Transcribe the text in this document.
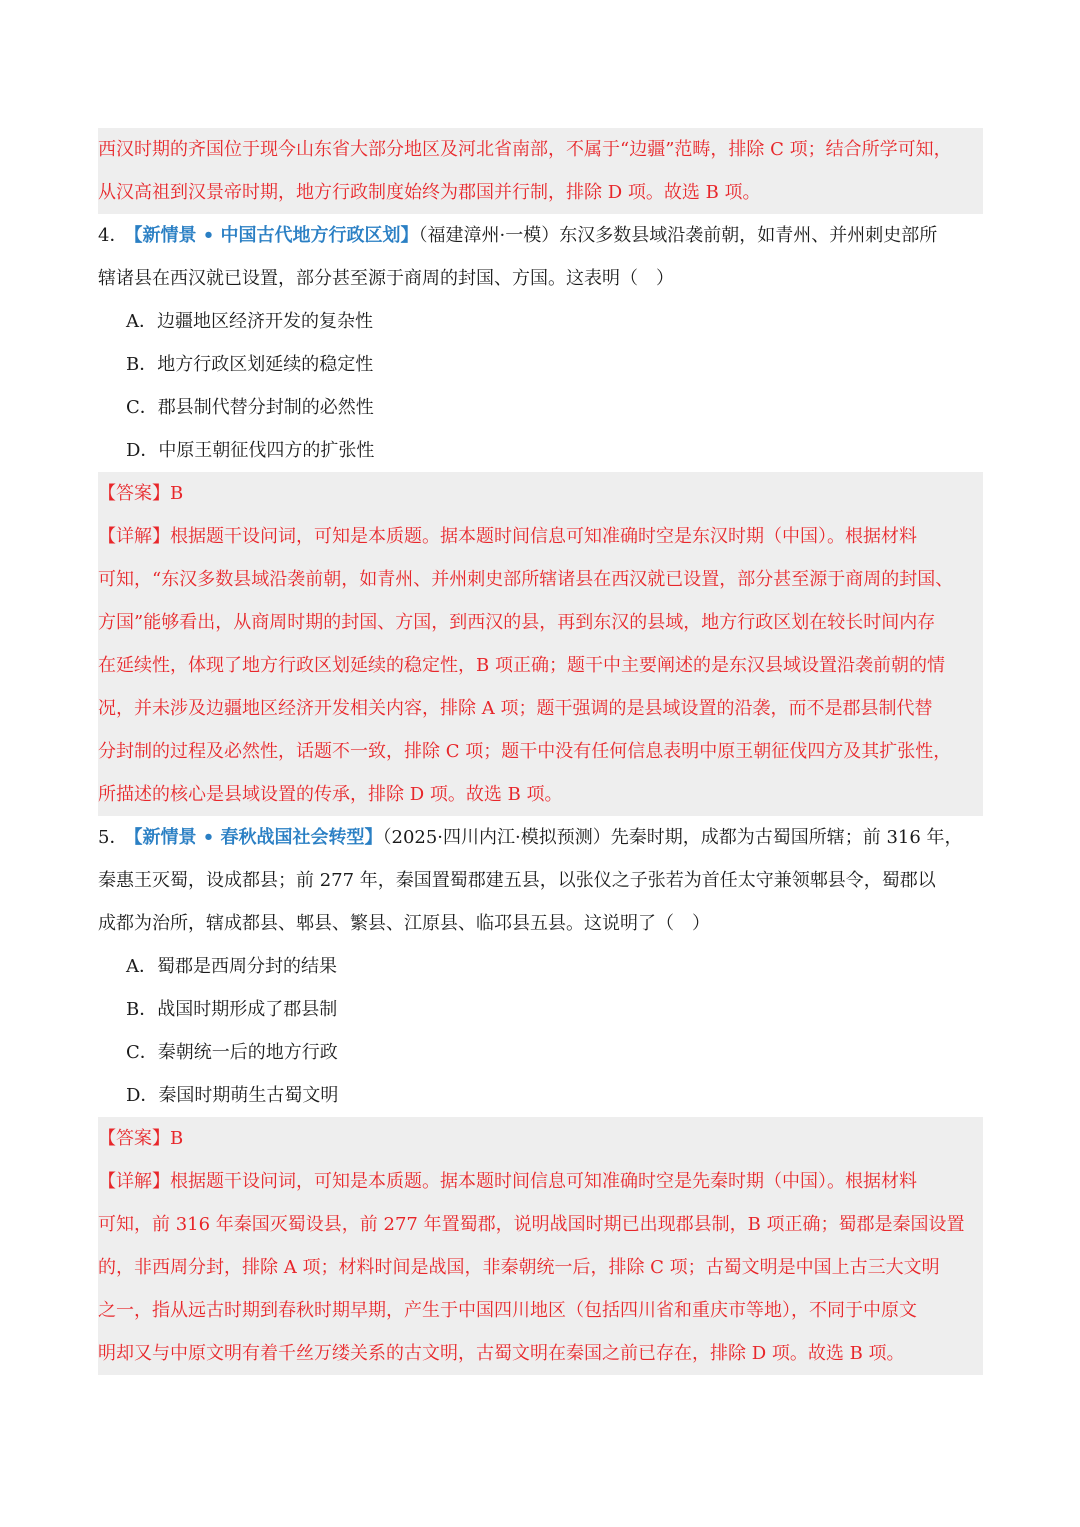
西汉时期的齐国位于现今山东省大部分地区及河北省南部，不属于“边疆”范畴，排除 C 项；结合所学可知，
从汉高祖到汉景帝时期，地方行政制度始终为郡国并行制，排除 D 项。故选 B 项。
4． 【新情景 • 中国古代地方行政区划】（福建漳州·一模）东汉多数县域沿袭前朝，如青州、并州刺史部所
辖诸县在西汉就已设置，部分甚至源于商周的封国、方国。这表明（　）
A．边疆地区经济开发的复杂性
B．地方行政区划延续的稳定性
C．郡县制代替分封制的必然性
D．中原王朝征伐四方的扩张性
【答案】B
【详解】根据题干设问词，可知是本质题。据本题时间信息可知准确时空是东汉时期（中国）。根据材料
可知，“东汉多数县域沿袭前朝，如青州、并州刺史部所辖诸县在西汉就已设置，部分甚至源于商周的封国、
方国”能够看出，从商周时期的封国、方国，到西汉的县，再到东汉的县域，地方行政区划在较长时间内存
在延续性，体现了地方行政区划延续的稳定性，B 项正确；题干中主要阐述的是东汉县域设置沿袭前朝的情
况，并未涉及边疆地区经济开发相关内容，排除 A 项；题干强调的是县域设置的沿袭，而不是郡县制代替
分封制的过程及必然性，话题不一致，排除 C 项；题干中没有任何信息表明中原王朝征伐四方及其扩张性，
所描述的核心是县域设置的传承，排除 D 项。故选 B 项。
5． 【新情景 • 春秋战国社会转型】（2025·四川内江·模拟预测）先秦时期，成都为古蜀国所辖；前 316 年，
秦惠王灭蜀，设成都县；前 277 年，秦国置蜀郡建五县，以张仪之子张若为首任太守兼领郫县令，蜀郡以
成都为治所，辖成都县、郫县、繁县、江原县、临邛县五县。这说明了（　）
A．蜀郡是西周分封的结果
B．战国时期形成了郡县制
C．秦朝统一后的地方行政
D．秦国时期萌生古蜀文明
【答案】B
【详解】根据题干设问词，可知是本质题。据本题时间信息可知准确时空是先秦时期（中国）。根据材料
可知，前 316 年秦国灭蜀设县，前 277 年置蜀郡，说明战国时期已出现郡县制，B 项正确；蜀郡是秦国设置
的，非西周分封，排除 A 项；材料时间是战国，非秦朝统一后，排除 C 项；古蜀文明是中国上古三大文明
之一，指从远古时期到春秋时期早期，产生于中国四川地区（包括四川省和重庆市等地），不同于中原文
明却又与中原文明有着千丝万缕关系的古文明，古蜀文明在秦国之前已存在，排除 D 项。故选 B 项。
